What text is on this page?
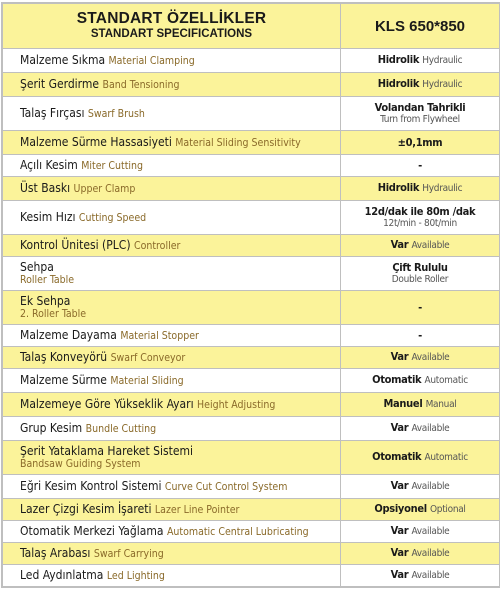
STANDART ÖZELLİKLER
STANDART SPECIFICATIONS	KLS 650*850

Malzeme Sıkma Material Clamping	Hidrolik Hydraulic
Şerit Gerdirme Band Tensioning	Hidrolik Hydraulic
Talaş Fırçası Swarf Brush	Volandan Tahrikli
Turn from Flywheel

Malzeme Sürme Hassasiyeti Material Sliding Sensitivity	±0,1mm
Açılı Kesim Miter Cutting	-
Üst Baskı Upper Clamp	Hidrolik Hydraulic
Kesim Hızı Cutting Speed	12d/dak ile 80m /dak
12t/min - 80t/min

Kontrol Ünitesi (PLC) Controller	Var Available

Sehpa
Roller Table	Çift Rululu
Double Roller

Ek Sehpa
2. Roller Table	-
Malzeme Dayama Material Stopper	-
Talaş Konveyörü Swarf Conveyor	Var Available
Malzeme Sürme Material Sliding	Otomatik Automatic
Malzemeye Göre Yükseklik Ayarı Height Adjusting	Manuel Manual
Grup Kesim Bundle Cutting	Var Available

Şerit Yataklama Hareket Sistemi
Bandsaw Guiding System	Otomatik Automatic
Eğri Kesim Kontrol Sistemi Curve Cut Control System	Var Available
Lazer Çizgi Kesim İşareti Lazer Line Pointer	Opsiyonel Optional
Otomatik Merkezi Yağlama Automatic Central Lubricating	Var Available
Talaş Arabası Swarf Carrying	Var Available
Led Aydınlatma Led Lighting	Var Available
